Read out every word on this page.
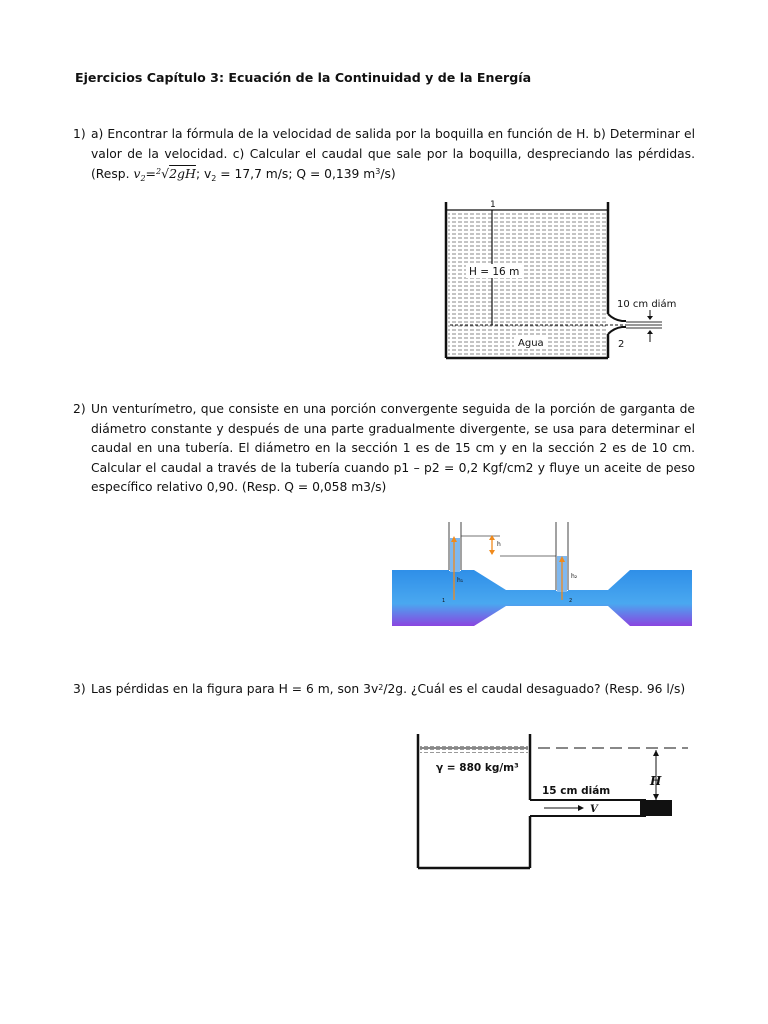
Ejercicios Capítulo 3: Ecuación de la Continuidad y de la Energía
1) a) Encontrar la fórmula de la velocidad de salida por la boquilla en función de H. b) Determinar el valor de la velocidad. c) Calcular el caudal que sale por la boquilla, despreciando las pérdidas. (Resp. $v_2=^2√2gH$; $v_2 = 17,7$ m/s; Q = 0,139 $m^3/s$)
H = 16 m
1
10 cm diám
Agua	2
2) Un venturímetro, que consiste en una porción convergente seguida de la porción de garganta de diámetro constante y después de una parte gradualmente divergente, se usa para determinar el caudal en una tubería. El diámetro en la sección 1 es de 15 cm y en la sección 2 es de 10 cm. Calcular el caudal a través de la tubería cuando p1 – p2 = 0,2 Kgf/cm2 y fluye un aceite de peso específico relativo 0,90. (Resp. Q = 0,058 m3/s)
h
h₁
1
h₂
2
3) Las pérdidas en la figura para H = 6 m, son $3v^2/2g$. ¿Cuál es el caudal desaguado? (Resp. 96 l/s)
γ = 880 kg/m³
H
15 cm diám
V
